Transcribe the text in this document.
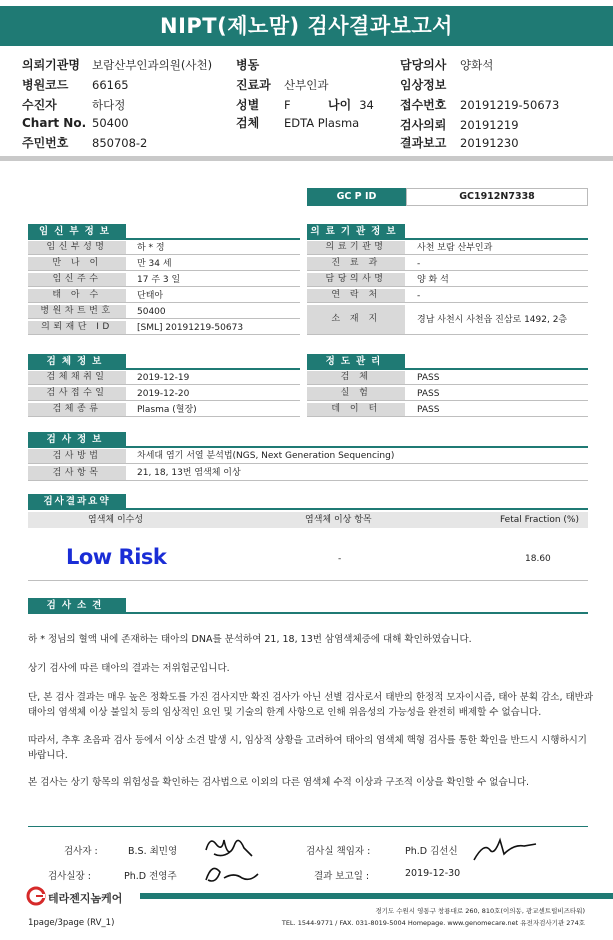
NIPT(제노맘) 검사결과보고서
의뢰기관명 보람산부인과의원(사천)
병원코드 66165
수진자	하다정
Chart No. 50400
주민번호 850708-2
병동
진료과 산부인과
성별 F	나이 34
검체 EDTA Plasma
담당의사 양화석
임상정보
접수번호 20191219-50673
검사의뢰 20191219
결과보고 20191230
GC P ID	GC1912N7338
임신부정보
임신부성명	하 * 정
만 나 이	만 34 세
임신주수	17 주 3 일
태 아 수	단태아
병원차트번호	50400
의뢰재단 ID	[SML] 20191219-50673
의료기관정보
의료기관명	사천 보람 산부인과
진 료 과	-
담당의사명	양 화 석
연 락 처	-
소 재 지	경남 사천시 사천읍 진삼로 1492, 2층
검체정보
검체채취일	2019-12-19
검사접수일	2019-12-20
검체종류	Plasma (혈장)
정도관리
검 체	PASS
실 험	PASS
데 이 터	PASS
검사정보
검사방법	차세대 염기 서열 분석법(NGS, Next Generation Sequencing)
검사항목	21, 18, 13번 염색체 이상
검사결과요약
염색체 이수성	염색체 이상 항목	Fetal Fraction (%)
Low Risk	-	18.60
검사소견
하 * 정님의 혈액 내에 존재하는 태아의 DNA를 분석하여 21, 18, 13번 삼염색체증에 대해 확인하였습니다.
상기 검사에 따른 태아의 결과는 저위험군입니다.
단, 본 검사 결과는 매우 높은 정확도를 가진 검사지만 확진 검사가 아닌 선별 검사로서 태반의 한정적 모자이시즘, 태아 분획 감소, 태반과 태아의 염색체 이상 불일치 등의 임상적인 요인 및 기술의 한계 사항으로 인해 위음성의 가능성을 완전히 배제할 수 없습니다.
따라서, 추후 초음파 검사 등에서 이상 소견 발생 시, 임상적 상황을 고려하여 태아의 염색체 핵형 검사를 통한 확인을 반드시 시행하시기 바랍니다.
본 검사는 상기 항목의 위험성을 확인하는 검사법으로 이외의 다른 염색체 수적 이상과 구조적 이상을 확인할 수 없습니다.
검사자 :	B.S. 최민영	검사실 책임자 :	Ph.D 김선신
검사실장 :	Ph.D 전영주	결과 보고일 :	2019-12-30
테라젠지놈케어
1page/3page (RV_1)
경기도 수원시 영통구 창룡대로 260, 810호(이의동, 광교센트럴비즈타워)
TEL. 1544-9771 / FAX. 031-8019-5004 Homepage. www.genomecare.net 유전자검사기관 274호
